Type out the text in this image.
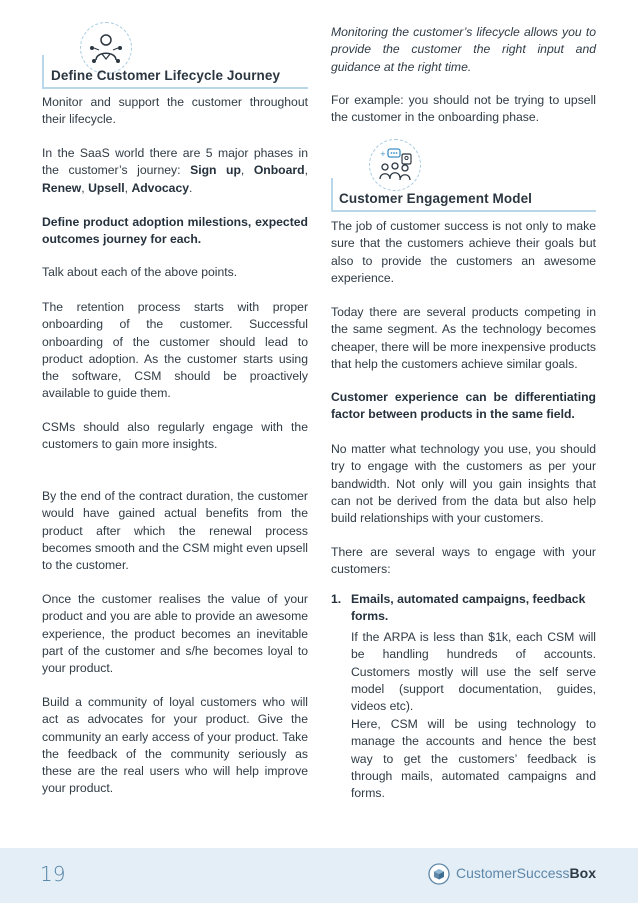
Define Customer Lifecycle Journey

Monitor and support the customer throughout their lifecycle.

In the SaaS world there are 5 major phases in the customer’s journey: Sign up, Onboard, Renew, Upsell, Advocacy.

Define product adoption milestions, expected outcomes journey for each.

Talk about each of the above points.

The retention process starts with proper onboarding of the customer. Successful onboarding of the customer should lead to product adoption. As the customer starts using the software, CSM should be proactively available to guide them.

CSMs should also regularly engage with the customers to gain more insights.

By the end of the contract duration, the customer would have gained actual benefits from the product after which the renewal process becomes smooth and the CSM might even upsell to the customer.

Once the customer realises the value of your product and you are able to provide an awesome experience, the product becomes an inevitable part of the customer and s/he becomes loyal to your product.

Build a community of loyal customers who will act as advocates for your product. Give the community an early access of your product. Take the feedback of the community seriously as these are the real users who will help improve your product.

Monitoring the customer’s lifecycle allows you to provide the customer the right input and guidance at the right time.

For example: you should not be trying to upsell the customer in the onboarding phase.

+
Customer Engagement Model

The job of customer success is not only to make sure that the customers achieve their goals but also to provide the customers an awesome experience.

Today there are several products competing in the same segment. As the technology becomes cheaper, there will be more inexpensive products that help the customers achieve similar goals.

Customer experience can be differentiating factor between products in the same field.

No matter what technology you use, you should try to engage with the customers as per your bandwidth. Not only will you gain insights that can not be derived from the data but also help build relationships with your customers.

There are several ways to engage with your customers:

1. Emails, automated campaigns, feedback forms.

If the ARPA is less than $1k, each CSM will be handling hundreds of accounts. Customers mostly will use the self serve model (support documentation, guides, videos etc).

Here, CSM will be using technology to manage the accounts and hence the best way to get the customers’ feedback is through mails, automated campaigns and forms.

19	CustomerSuccessBox
